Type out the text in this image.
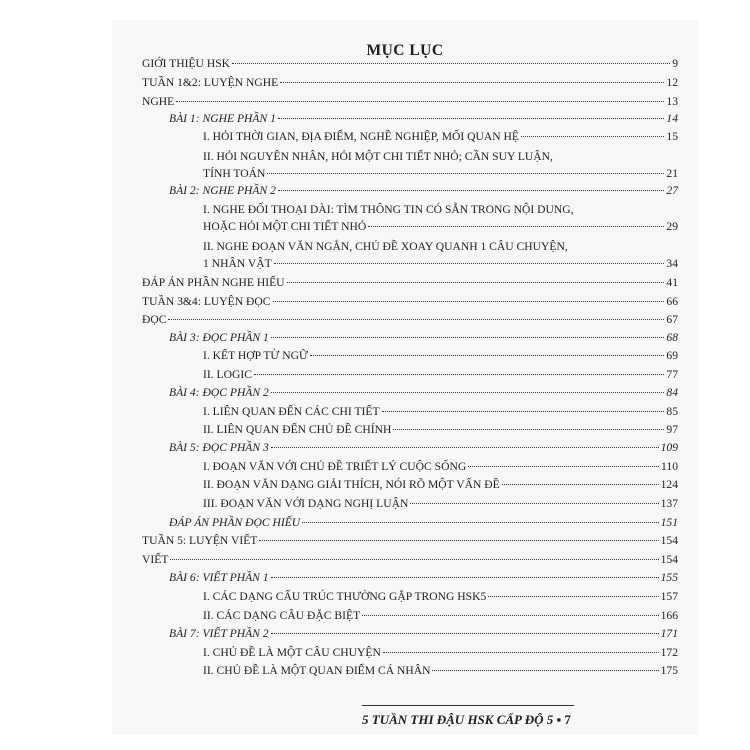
MỤC LỤC
GIỚI THIỆU HSK	9
TUẦN 1&2: LUYỆN NGHE	12
NGHE	13
BÀI 1: NGHE PHẦN 1	14
I. HỎI THỜI GIAN, ĐỊA ĐIỂM, NGHỀ NGHIỆP, MỐI QUAN HỆ	15
II. HỎI NGUYÊN NHÂN, HỎI MỘT CHI TIẾT NHỎ; CẦN SUY LUẬN,
TÍNH TOÁN	21
BÀI 2: NGHE PHẦN 2	27
I. NGHE ĐỐI THOẠI DÀI: TÌM THÔNG TIN CÓ SẴN TRONG NỘI DUNG,
HOẶC HỎI MỘT CHI TIẾT NHỎ	29
II. NGHE ĐOẠN VĂN NGẮN, CHỦ ĐỀ XOAY QUANH 1 CÂU CHUYỆN,
1 NHÂN VẬT	34
ĐÁP ÁN PHẦN NGHE HIỂU	41
TUẦN 3&4: LUYỆN ĐỌC	66
ĐỌC	67
BÀI 3: ĐỌC PHẦN 1	68
I. KẾT HỢP TỪ NGỮ	69
II. LOGIC	77
BÀI 4: ĐỌC PHẦN 2	84
I. LIÊN QUAN ĐẾN CÁC CHI TIẾT	85
II. LIÊN QUAN ĐẾN CHỦ ĐỀ CHÍNH	97
BÀI 5: ĐỌC PHẦN 3	109
I. ĐOẠN VĂN VỚI CHỦ ĐỀ TRIẾT LÝ CUỘC SỐNG	110
II. ĐOẠN VĂN DẠNG GIẢI THÍCH, NÓI RÕ MỘT VẤN ĐỀ	124
III. ĐOẠN VĂN VỚI DẠNG NGHỊ LUẬN	137
ĐÁP ÁN PHẦN ĐỌC HIỂU	151
TUẦN 5: LUYỆN VIẾT	154
VIẾT	154
BÀI 6: VIẾT PHẦN 1	155
I. CÁC DẠNG CẤU TRÚC THƯỜNG GẶP TRONG HSK5	157
II. CÁC DẠNG CÂU ĐẶC BIỆT	166
BÀI 7: VIẾT PHẦN 2	171
I. CHỦ ĐỀ LÀ MỘT CÂU CHUYỆN	172
II. CHỦ ĐỀ LÀ MỘT QUAN ĐIỂM CÁ NHÂN	175
5 TUẦN THI ĐẬU HSK CẤP ĐỘ 5 ▪ 7
